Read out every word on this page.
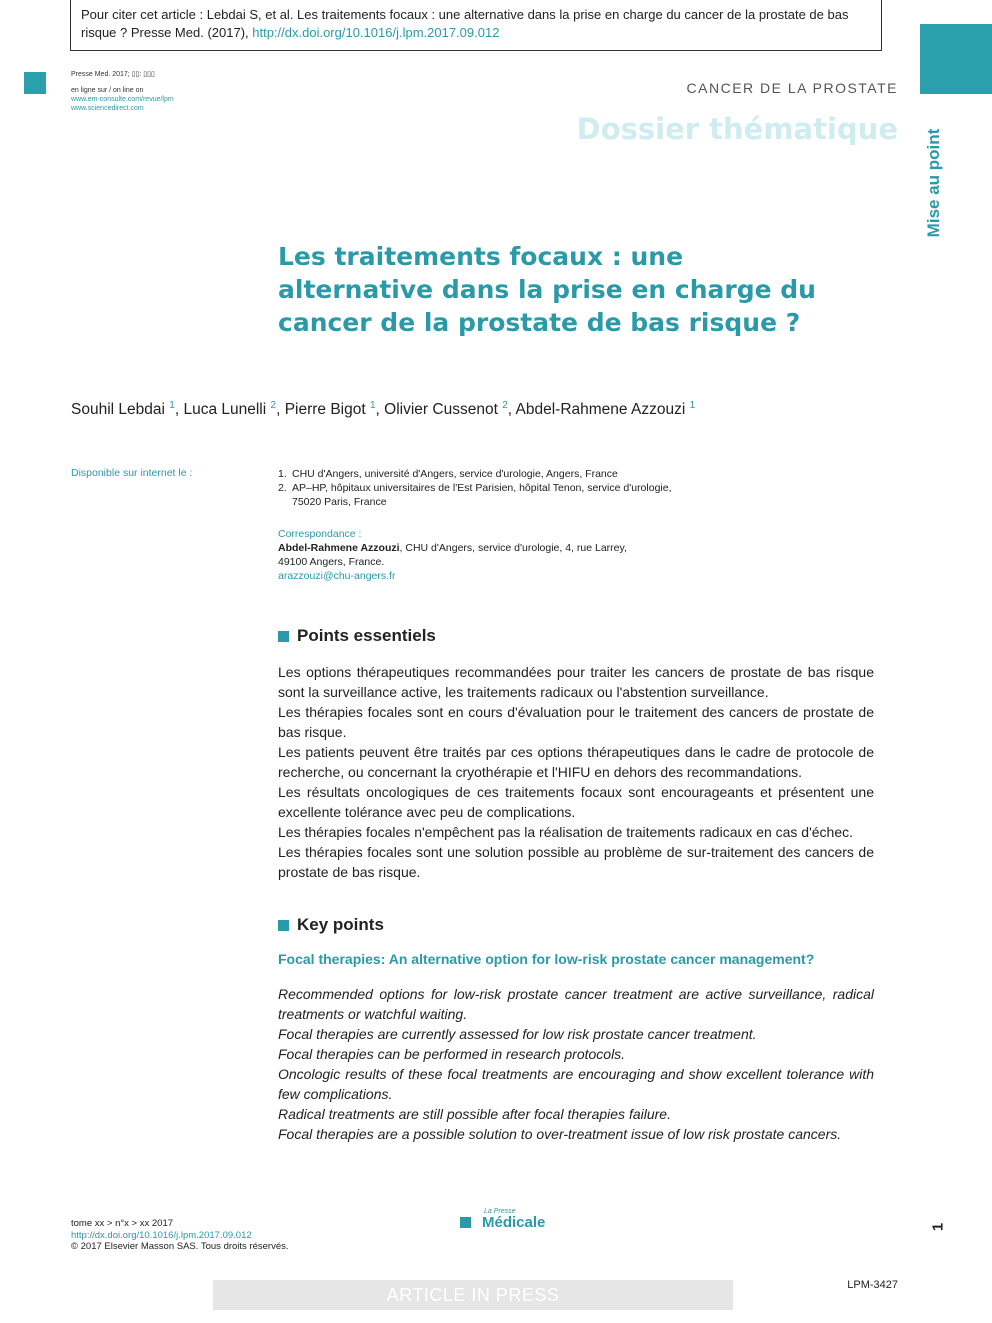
Pour citer cet article : Lebdai S, et al. Les traitements focaux : une alternative dans la prise en charge du cancer de la prostate de bas risque ? Presse Med. (2017), http://dx.doi.org/10.1016/j.lpm.2017.09.012
Presse Med. 2017; ▯▯: ▯▯▯
en ligne sur / on line on
www.em-consulte.com/revue/lpm
www.sciencedirect.com
CANCER DE LA PROSTATE
Dossier thématique Mise au point
Les traitements focaux : une alternative dans la prise en charge du cancer de la prostate de bas risque ?
Souhil Lebdai $^1$, Luca Lunelli $^2$, Pierre Bigot $^1$, Olivier Cussenot $^2$, Abdel-Rahmene Azzouzi $^1$
Disponible sur internet le :	1. CHU d'Angers, université d'Angers, service d'urologie, Angers, France
2. AP–HP, hôpitaux universitaires de l'Est Parisien, hôpital Tenon, service d'urologie, 75020 Paris, France
Correspondance :
Abdel-Rahmene Azzouzi, CHU d'Angers, service d'urologie, 4, rue Larrey,
49100 Angers, France.
arazzouzi@chu-angers.fr
Points essentiels

Les options thérapeutiques recommandées pour traiter les cancers de prostate de bas risque sont la surveillance active, les traitements radicaux ou l'abstention surveillance.

Les thérapies focales sont en cours d'évaluation pour le traitement des cancers de prostate de bas risque.

Les patients peuvent être traités par ces options thérapeutiques dans le cadre de protocole de recherche, ou concernant la cryothérapie et l'HIFU en dehors des recommandations.

Les résultats oncologiques de ces traitements focaux sont encourageants et présentent une excellente tolérance avec peu de complications.

Les thérapies focales n'empêchent pas la réalisation de traitements radicaux en cas d'échec.

Les thérapies focales sont une solution possible au problème de sur-traitement des cancers de prostate de bas risque.

Key points
Focal therapies: An alternative option for low-risk prostate cancer management?

Recommended options for low-risk prostate cancer treatment are active surveillance, radical treatments or watchful waiting.

Focal therapies are currently assessed for low risk prostate cancer treatment.

Focal therapies can be performed in research protocols.

Oncologic results of these focal treatments are encouraging and show excellent tolerance with few complications.

Radical treatments are still possible after focal therapies failure.

Focal therapies are a possible solution to over-treatment issue of low risk prostate cancers.

tome xx > n°x > xx 2017
http://dx.doi.org/10.1016/j.lpm.2017.09.012
© 2017 Elsevier Masson SAS. Tous droits réservés.
La Presse
Médicale	1
ARTICLE IN PRESS	LPM-3427
